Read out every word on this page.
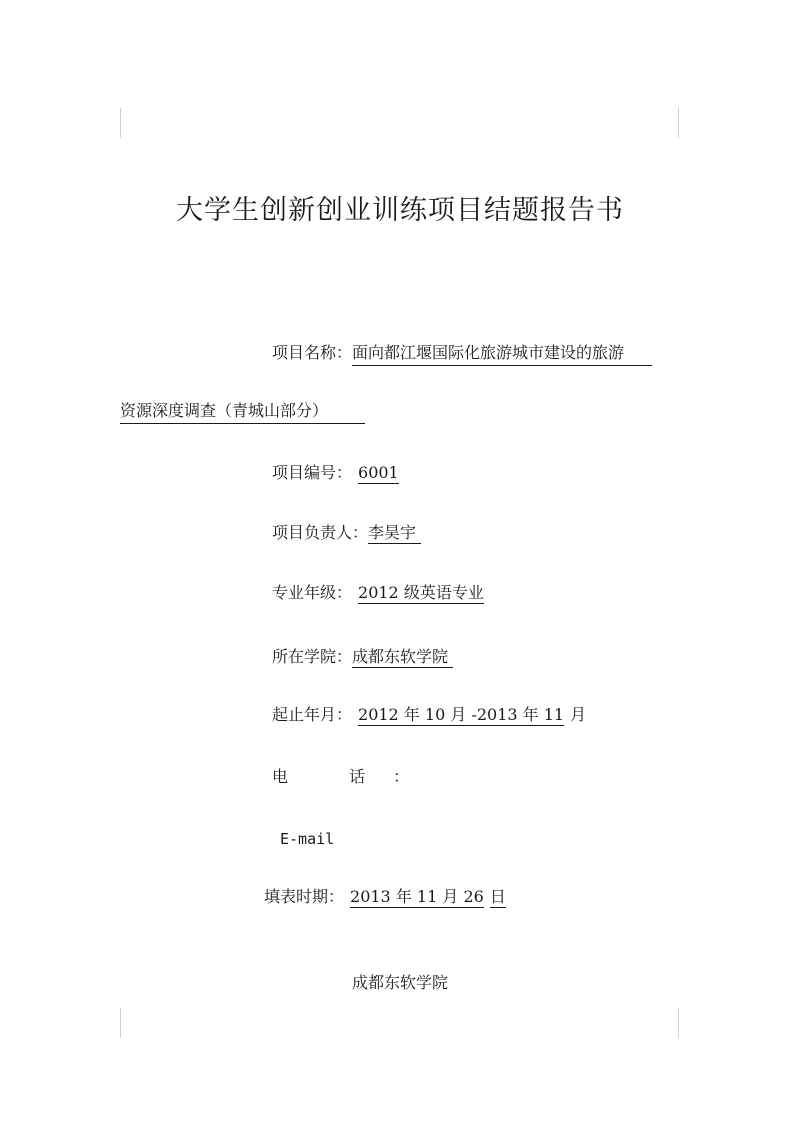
大学生创新创业训练项目结题报告书
项目名称：面向都江堰国际化旅游城市建设的旅游
资源深度调查（青城山部分）
项目编号： 6001
项目负责人：李昊宇
专业年级： 2012 级英语专业
所在学院：成都东软学院
起止年月： 2012 年 10 月 -2013 年 11 月
电 话：
E-mail
填表时期： 2013 年 11 月 26 日
成都东软学院
